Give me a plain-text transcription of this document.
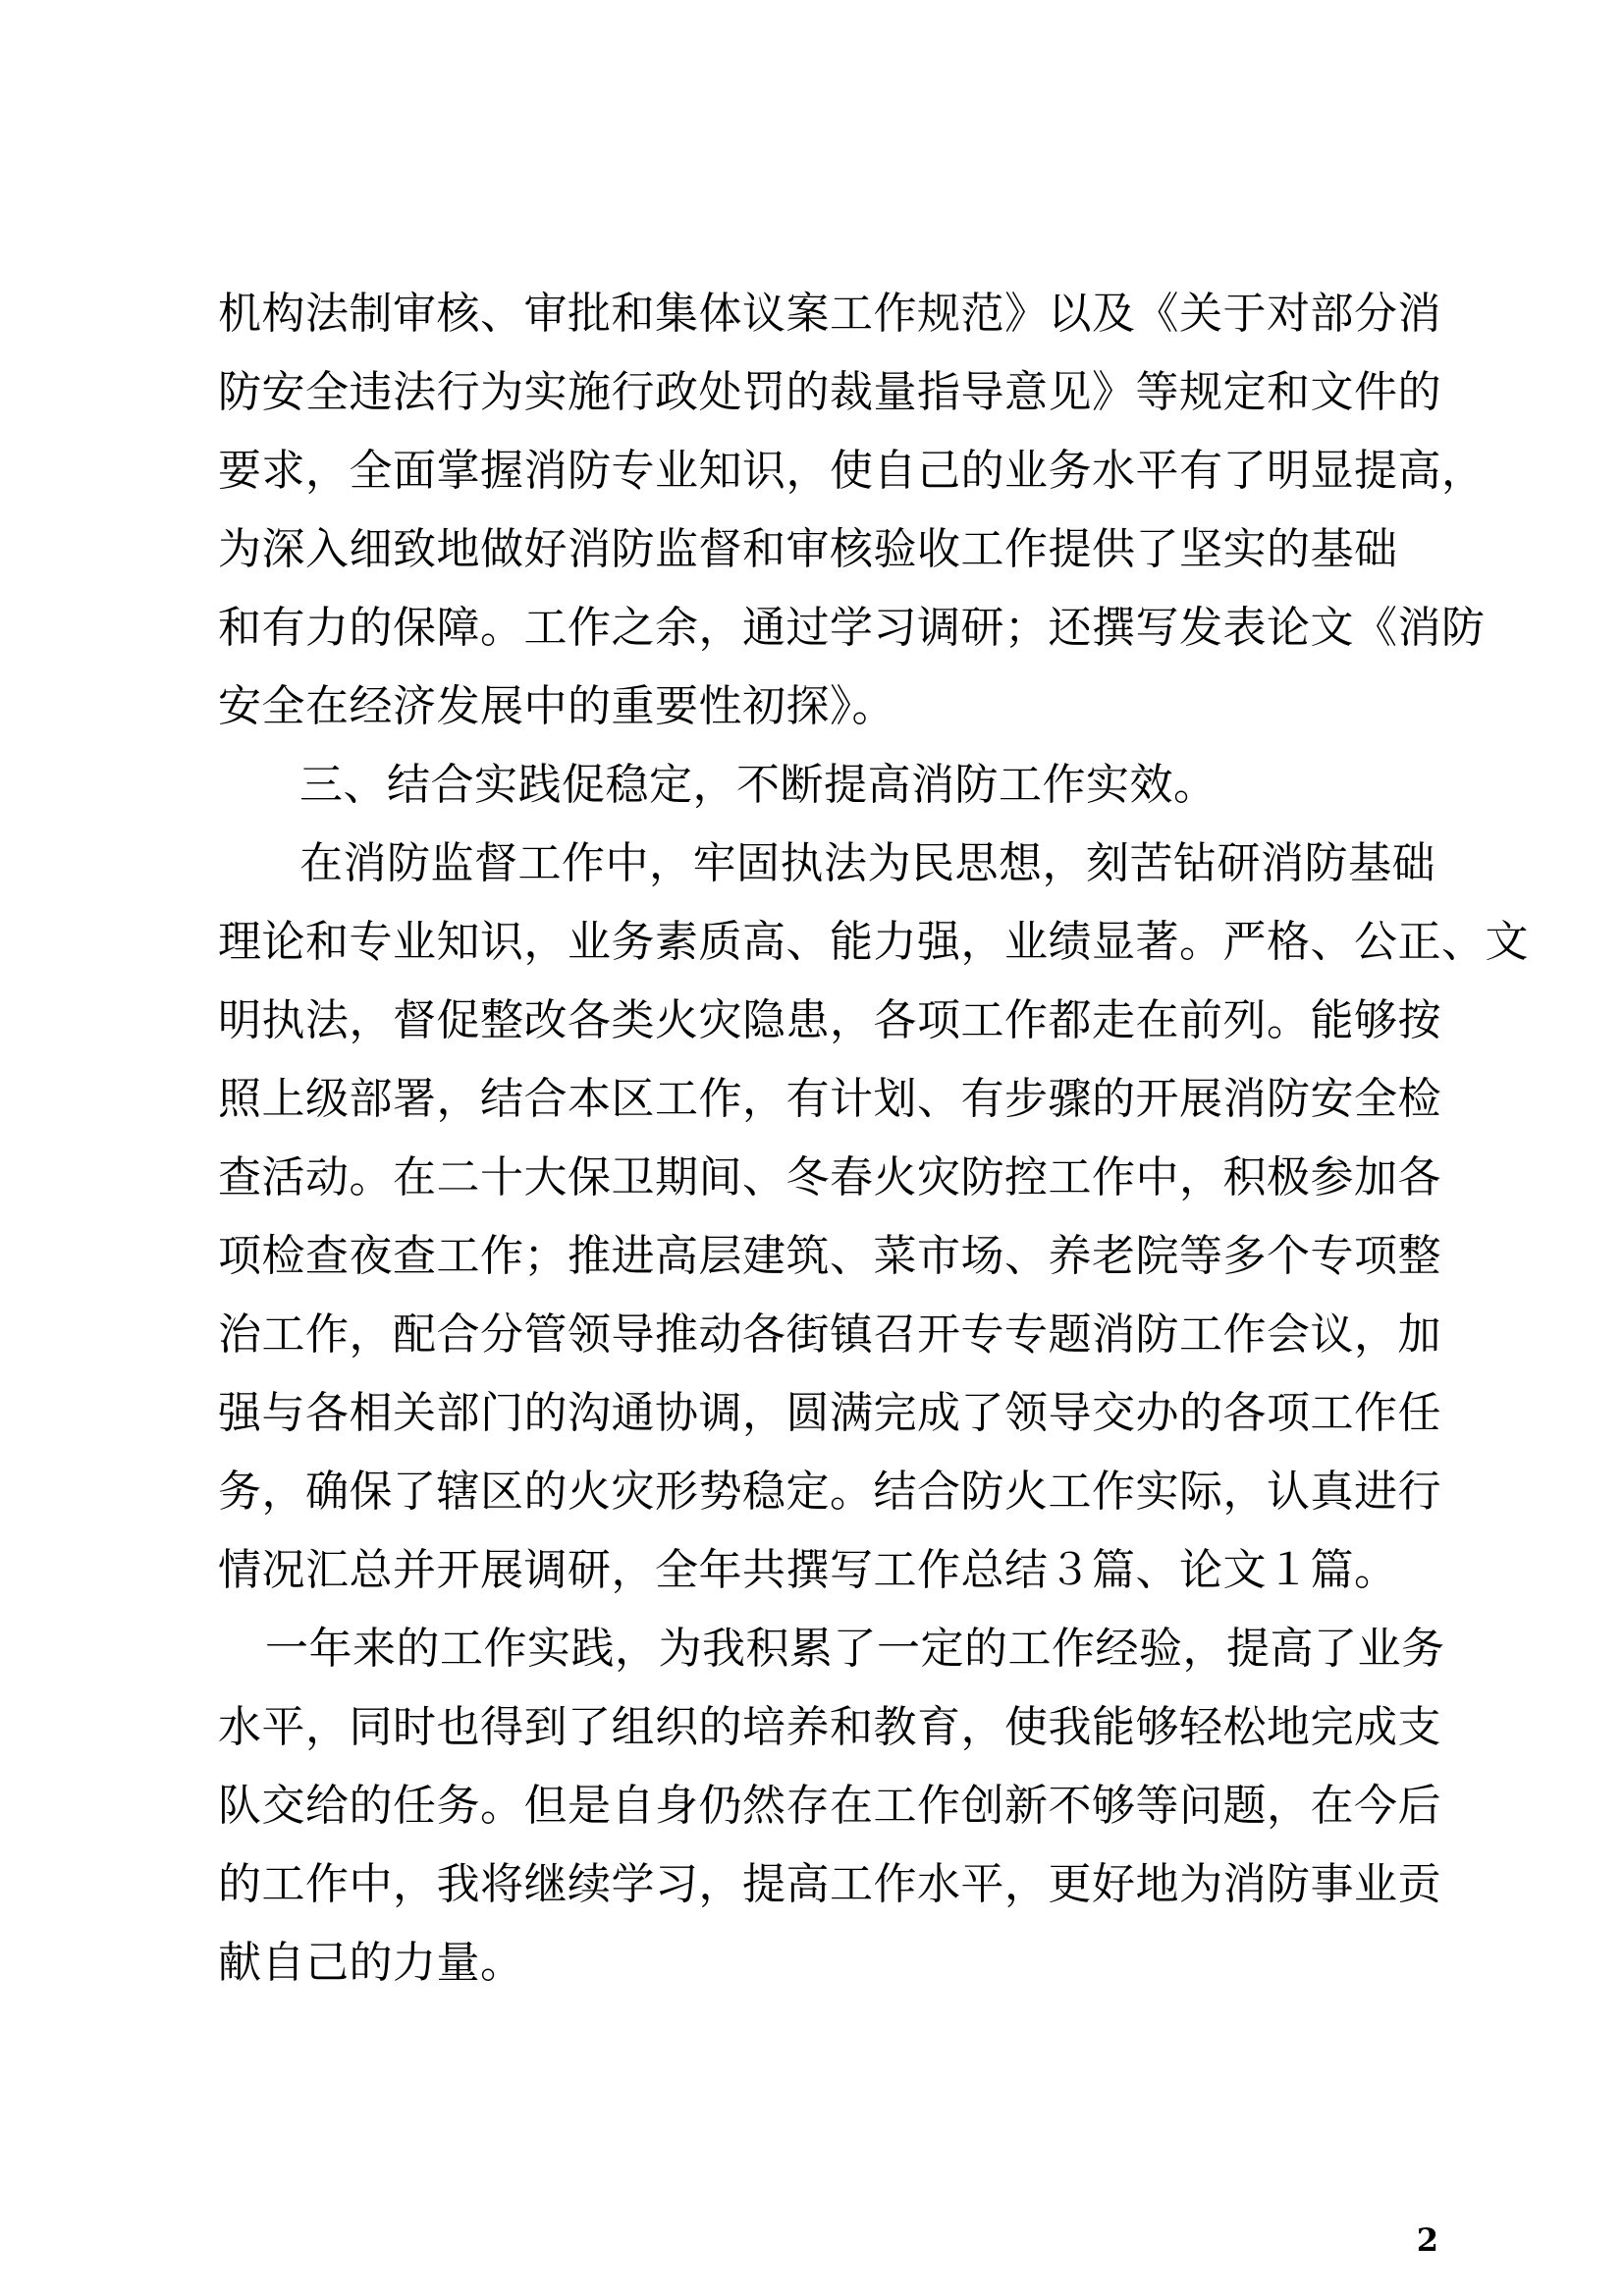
机构法制审核、审批和集体议案工作规范》以及《关于对部分消
防安全违法行为实施行政处罚的裁量指导意见》等规定和文件的
要求，全面掌握消防专业知识，使自己的业务水平有了明显提高，
为深入细致地做好消防监督和审核验收工作提供了坚实的基础
和有力的保障。工作之余，通过学习调研；还撰写发表论文《消防
安全在经济发展中的重要性初探》。
三、结合实践促稳定，不断提高消防工作实效。
在消防监督工作中，牢固执法为民思想，刻苦钻研消防基础
理论和专业知识，业务素质高、能力强，业绩显著。严格、公正、文
明执法，督促整改各类火灾隐患，各项工作都走在前列。能够按
照上级部署，结合本区工作，有计划、有步骤的开展消防安全检
查活动。在二十大保卫期间、冬春火灾防控工作中，积极参加各
项检查夜查工作；推进高层建筑、菜市场、养老院等多个专项整
治工作，配合分管领导推动各街镇召开专专题消防工作会议，加
强与各相关部门的沟通协调，圆满完成了领导交办的各项工作任
务，确保了辖区的火灾形势稳定。结合防火工作实际，认真进行
情况汇总并开展调研，全年共撰写工作总结３篇、论文１篇。
一年来的工作实践，为我积累了一定的工作经验，提高了业务
水平，同时也得到了组织的培养和教育，使我能够轻松地完成支
队交给的任务。但是自身仍然存在工作创新不够等问题，在今后
的工作中，我将继续学习，提高工作水平，更好地为消防事业贡
献自己的力量。
2
